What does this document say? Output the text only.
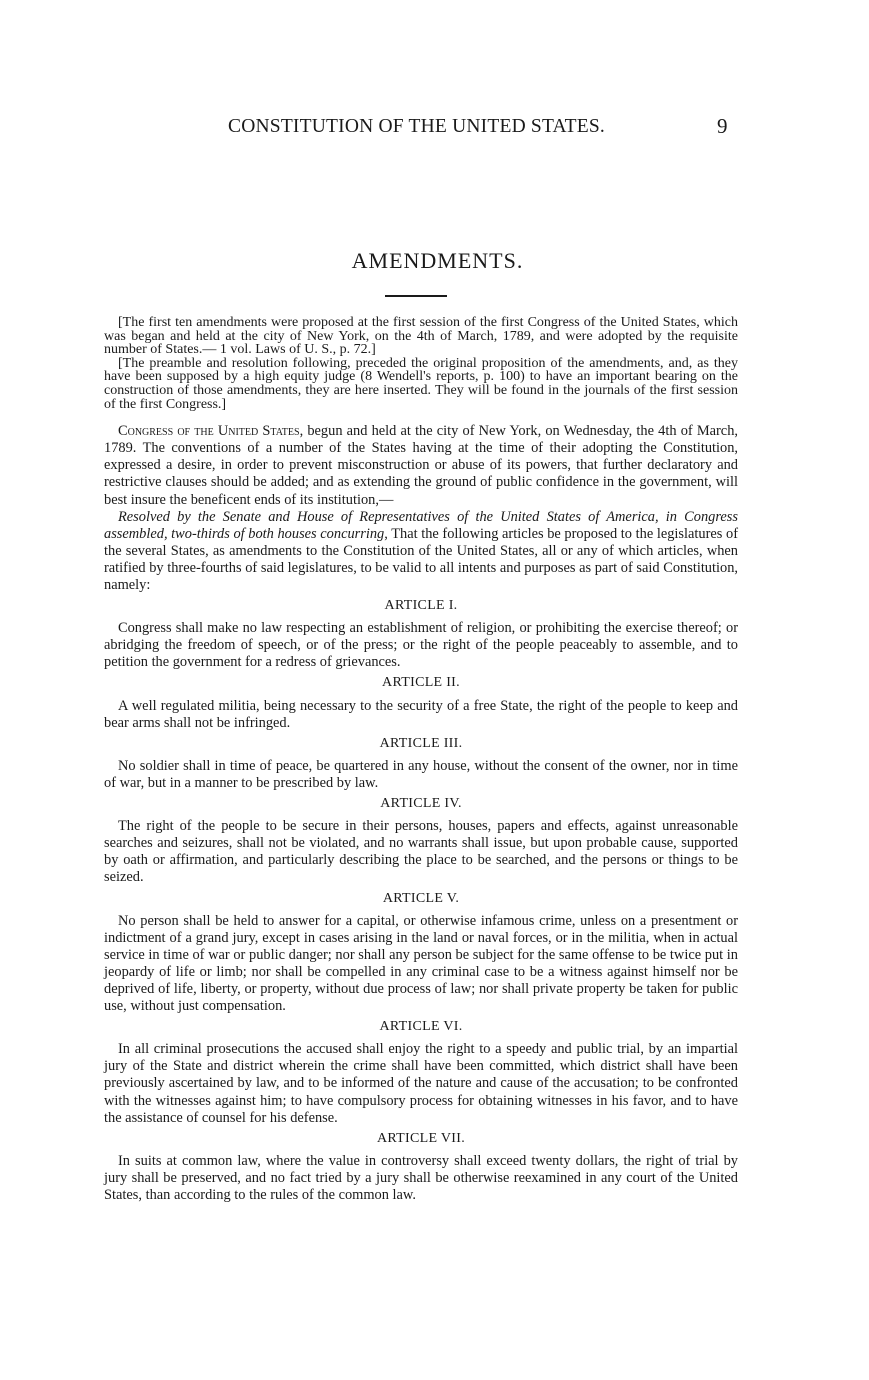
CONSTITUTION OF THE UNITED STATES.	9
AMENDMENTS.

[The first ten amendments were proposed at the first session of the first Congress of the United States, which was began and held at the city of New York, on the 4th of March, 1789, and were adopted by the requisite number of States.— 1 vol. Laws of U. S., p. 72.]

[The preamble and resolution following, preceded the original proposition of the amendments, and, as they have been supposed by a high equity judge (8 Wendell's reports, p. 100) to have an important bearing on the construction of those amendments, they are here inserted. They will be found in the journals of the first session of the first Congress.]

Congress of the United States, begun and held at the city of New York, on Wednesday, the 4th of March, 1789. The conventions of a number of the States having at the time of their adopting the Constitution, expressed a desire, in order to prevent misconstruction or abuse of its powers, that further declaratory and restrictive clauses should be added; and as extending the ground of public confidence in the government, will best insure the beneficent ends of its institution,—

Resolved by the Senate and House of Representatives of the United States of America, in Congress assembled, two-thirds of both houses concurring, That the following articles be proposed to the legislatures of the several States, as amendments to the Constitution of the United States, all or any of which articles, when ratified by three-fourths of said legislatures, to be valid to all intents and purposes as part of said Constitution, namely:

ARTICLE I.

Congress shall make no law respecting an establishment of religion, or prohibiting the exercise thereof; or abridging the freedom of speech, or of the press; or the right of the people peaceably to assemble, and to petition the government for a redress of grievances.

ARTICLE II.

A well regulated militia, being necessary to the security of a free State, the right of the people to keep and bear arms shall not be infringed.

ARTICLE III.

No soldier shall in time of peace, be quartered in any house, without the consent of the owner, nor in time of war, but in a manner to be prescribed by law.

ARTICLE IV.

The right of the people to be secure in their persons, houses, papers and effects, against unreasonable searches and seizures, shall not be violated, and no warrants shall issue, but upon probable cause, supported by oath or affirmation, and particularly describing the place to be searched, and the persons or things to be seized.

ARTICLE V.

No person shall be held to answer for a capital, or otherwise infamous crime, unless on a presentment or indictment of a grand jury, except in cases arising in the land or naval forces, or in the militia, when in actual service in time of war or public danger; nor shall any person be subject for the same offense to be twice put in jeopardy of life or limb; nor shall be compelled in any criminal case to be a witness against himself nor be deprived of life, liberty, or property, without due process of law; nor shall private property be taken for public use, without just compensation.

ARTICLE VI.

In all criminal prosecutions the accused shall enjoy the right to a speedy and public trial, by an impartial jury of the State and district wherein the crime shall have been committed, which district shall have been previously ascertained by law, and to be informed of the nature and cause of the accusation; to be confronted with the witnesses against him; to have compulsory process for obtaining witnesses in his favor, and to have the assistance of counsel for his defense.

ARTICLE VII.

In suits at common law, where the value in controversy shall exceed twenty dollars, the right of trial by jury shall be preserved, and no fact tried by a jury shall be otherwise reexamined in any court of the United States, than according to the rules of the common law.
